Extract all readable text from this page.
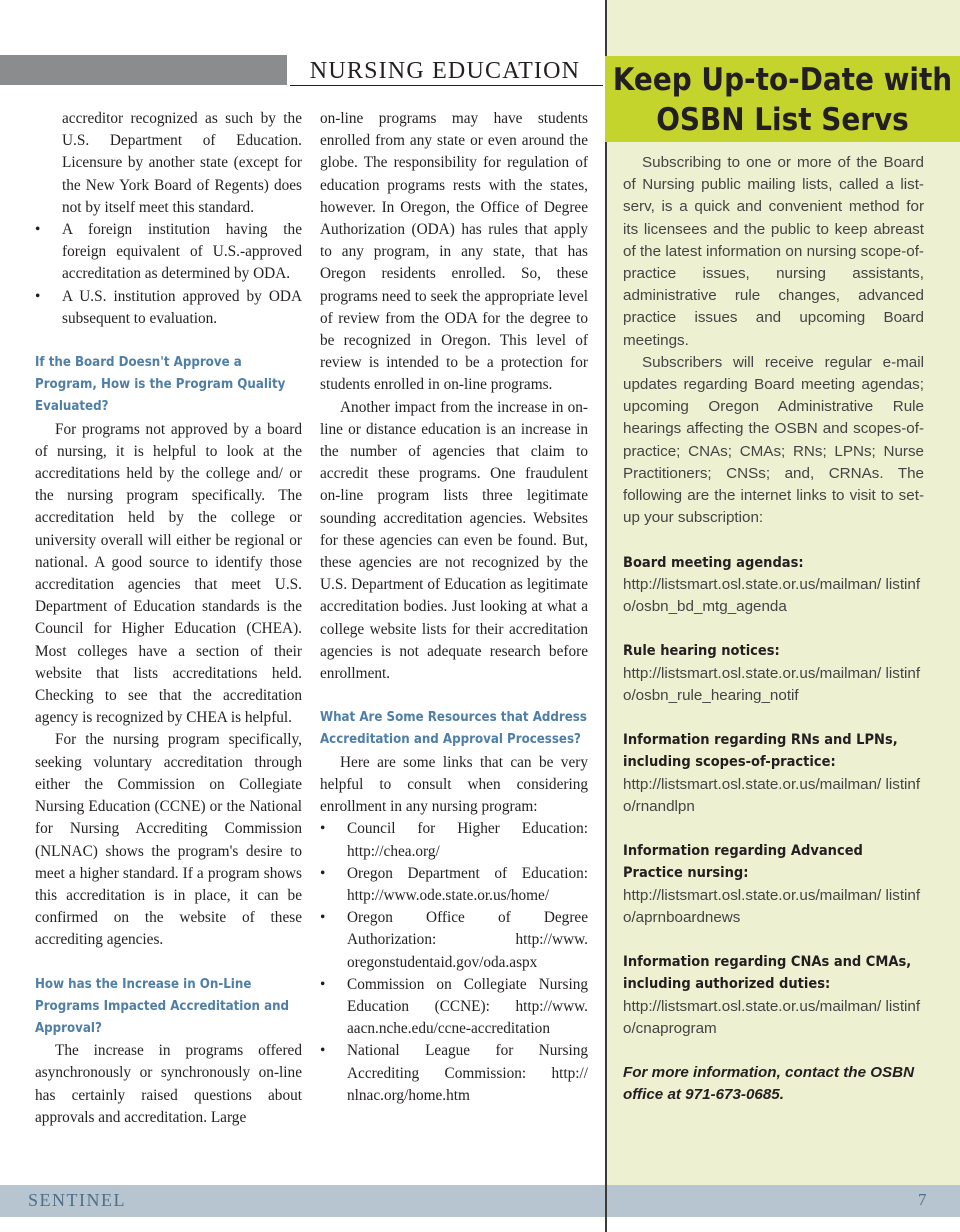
NURSING EDUCATION

accreditor recognized as such by the U.S. Department of Education. Licensure by another state (except for the New York Board of Regents) does not by itself meet this standard.

• A foreign institution having the foreign equivalent of U.S.-approved accreditation as determined by ODA.
• A U.S. institution approved by ODA subsequent to evaluation.
If the Board Doesn't Approve a Program, How is the Program Quality Evaluated?

For programs not approved by a board of nursing, it is helpful to look at the accreditations held by the college and/ or the nursing program specifically. The accreditation held by the college or university overall will either be regional or national. A good source to identify those accreditation agencies that meet U.S. Department of Education standards is the Council for Higher Education (CHEA). Most colleges have a section of their website that lists accreditations held. Checking to see that the accreditation agency is recognized by CHEA is helpful.

For the nursing program specifically, seeking voluntary accreditation through either the Commission on Collegiate Nursing Education (CCNE) or the National for Nursing Accrediting Commission (NLNAC) shows the program's desire to meet a higher standard. If a program shows this accreditation is in place, it can be confirmed on the website of these accrediting agencies.

How has the Increase in On-Line Programs Impacted Accreditation and Approval?

The increase in programs offered asynchronously or synchronously on-line has certainly raised questions about approvals and accreditation. Large

on-line programs may have students enrolled from any state or even around the globe. The responsibility for regulation of education programs rests with the states, however. In Oregon, the Office of Degree Authorization (ODA) has rules that apply to any program, in any state, that has Oregon residents enrolled. So, these programs need to seek the appropriate level of review from the ODA for the degree to be recognized in Oregon. This level of review is intended to be a protection for students enrolled in on-line programs.

Another impact from the increase in on-line or distance education is an increase in the number of agencies that claim to accredit these programs. One fraudulent on-line program lists three legitimate sounding accreditation agencies. Websites for these agencies can even be found. But, these agencies are not recognized by the U.S. Department of Education as legitimate accreditation bodies. Just looking at what a college website lists for their accreditation agencies is not adequate research before enrollment.

What Are Some Resources that Address Accreditation and Approval Processes?

Here are some links that can be very helpful to consult when considering enrollment in any nursing program:

• Council for Higher Education: http://chea.org/
• Oregon Department of Education: http://www.ode.state.or.us/home/
• Oregon Office of Degree Authorization: http://www. oregonstudentaid.gov/oda.aspx
• Commission on Collegiate Nursing Education (CCNE): http://www. aacn.nche.edu/ccne-accreditation
• National League for Nursing Accrediting Commission: http:// nlnac.org/home.htm
Keep Up-to-Date with OSBN List Servs

Subscribing to one or more of the Board of Nursing public mailing lists, called a list-serv, is a quick and convenient method for its licensees and the public to keep abreast of the latest information on nursing scope-of-practice issues, nursing assistants, administrative rule changes, advanced practice issues and upcoming Board meetings.

Subscribers will receive regular e-mail updates regarding Board meeting agendas; upcoming Oregon Administrative Rule hearings affecting the OSBN and scopes-of-practice; CNAs; CMAs; RNs; LPNs; Nurse Practitioners; CNSs; and, CRNAs. The following are the internet links to visit to set-up your subscription:

Board meeting agendas:
http://listsmart.osl.state.or.us/mailman/ listinfo/osbn_bd_mtg_agenda
Rule hearing notices:
http://listsmart.osl.state.or.us/mailman/ listinfo/osbn_rule_hearing_notif
Information regarding RNs and LPNs, including scopes-of-practice:
http://listsmart.osl.state.or.us/mailman/ listinfo/rnandlpn
Information regarding Advanced Practice nursing:
http://listsmart.osl.state.or.us/mailman/ listinfo/aprnboardnews
Information regarding CNAs and CMAs, including authorized duties:
http://listsmart.osl.state.or.us/mailman/ listinfo/cnaprogram
For more information, contact the OSBN office at 971-673-0685.
SENTINEL	7
